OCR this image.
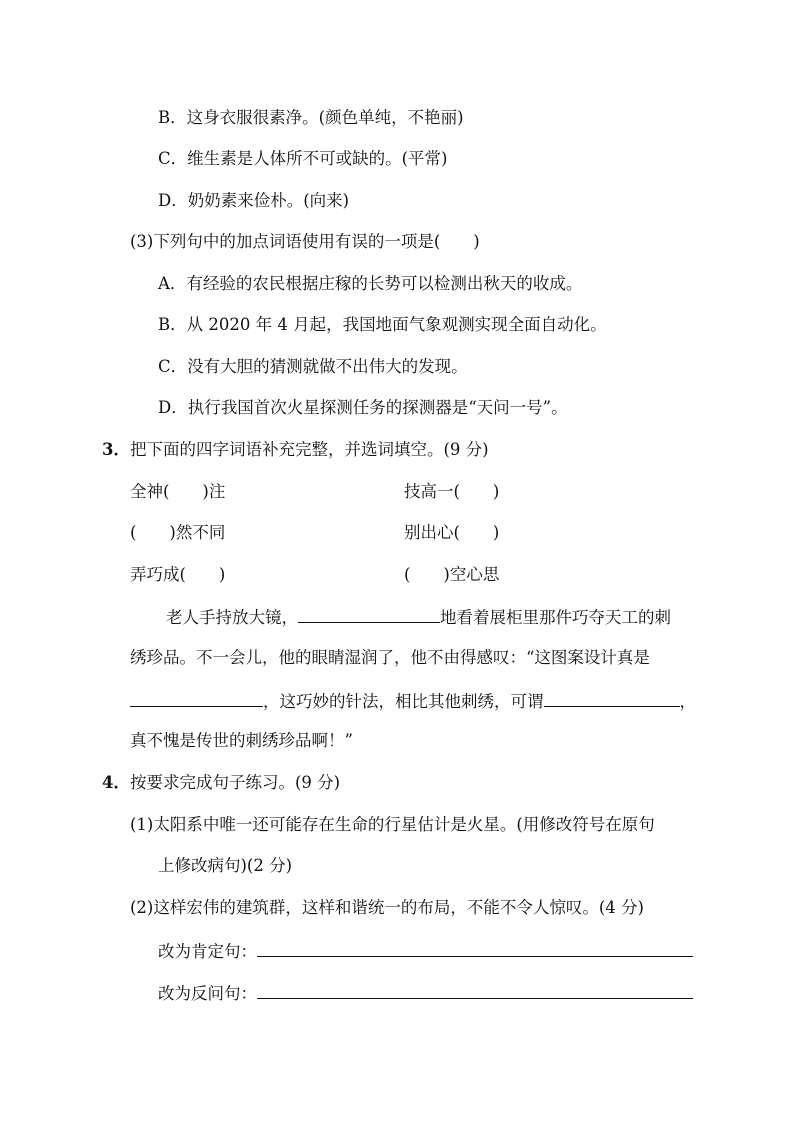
B．这身衣服很素净。(颜色单纯，不艳丽)
C．维生素是人体所不可或缺的。(平常)
D．奶奶素来俭朴。(向来)
(3)下列句中的加点词语使用有误的一项是(　　)
A．有经验的农民根据庄稼的长势可以检测出秋天的收成。
B．从 2020 年 4 月起，我国地面气象观测实现全面自动化。
C．没有大胆的猜测就做不出伟大的发现。
D．执行我国首次火星探测任务的探测器是“天问一号”。
3．把下面的四字词语补充完整，并选词填空。(9 分)
全神(　　)注	技高一(　　)
(　　)然不同	别出心(　　)
弄巧成(　　)	(　　)空心思
老人手持放大镜，	地看着展柜里那件巧夺天工的刺
绣珍品。不一会儿，他的眼睛湿润了，他不由得感叹：“这图案设计真是
，这巧妙的针法，相比其他刺绣，可谓	，
真不愧是传世的刺绣珍品啊！”
4．按要求完成句子练习。(9 分)
(1)太阳系中唯一还可能存在生命的行星估计是火星。(用修改符号在原句
上修改病句)(2 分)
(2)这样宏伟的建筑群，这样和谐统一的布局，不能不令人惊叹。(4 分)
改为肯定句：
改为反问句：
